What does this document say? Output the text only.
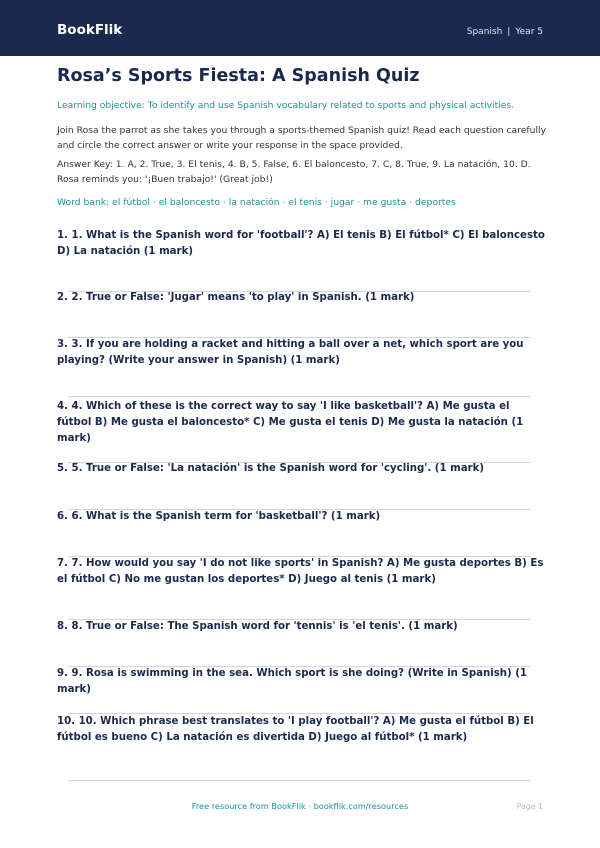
BookFlik	Spanish | Year 5
Rosa’s Sports Fiesta: A Spanish Quiz
Learning objective: To identify and use Spanish vocabulary related to sports and physical activities.
Join Rosa the parrot as she takes you through a sports-themed Spanish quiz! Read each question carefully and circle the correct answer or write your response in the space provided.
Answer Key: 1. A, 2. True, 3. El tenis, 4. B, 5. False, 6. El baloncesto, 7. C, 8. True, 9. La natación, 10. D. Rosa reminds you: '¡Buen trabajo!' (Great job!)
Word bank: el fútbol · el baloncesto · la natación · el tenis · jugar · me gusta · deportes
1. 1. What is the Spanish word for 'football'? A) El tenis B) El fútbol* C) El baloncesto D) La natación (1 mark)
2. 2. True or False: 'Jugar' means 'to play' in Spanish. (1 mark)
3. 3. If you are holding a racket and hitting a ball over a net, which sport are you playing? (Write your answer in Spanish) (1 mark)
4. 4. Which of these is the correct way to say 'I like basketball'? A) Me gusta el fútbol B) Me gusta el baloncesto* C) Me gusta el tenis D) Me gusta la natación (1 mark)
5. 5. True or False: 'La natación' is the Spanish word for 'cycling'. (1 mark)
6. 6. What is the Spanish term for 'basketball'? (1 mark)
7. 7. How would you say 'I do not like sports' in Spanish? A) Me gusta deportes B) Es el fútbol C) No me gustan los deportes* D) Juego al tenis (1 mark)
8. 8. True or False: The Spanish word for 'tennis' is 'el tenis'. (1 mark)
9. 9. Rosa is swimming in the sea. Which sport is she doing? (Write in Spanish) (1 mark)
10. 10. Which phrase best translates to 'I play football'? A) Me gusta el fútbol B) El fútbol es bueno C) La natación es divertida D) Juego al fútbol* (1 mark)
Free resource from BookFlik · bookflik.com/resources	Page 1
